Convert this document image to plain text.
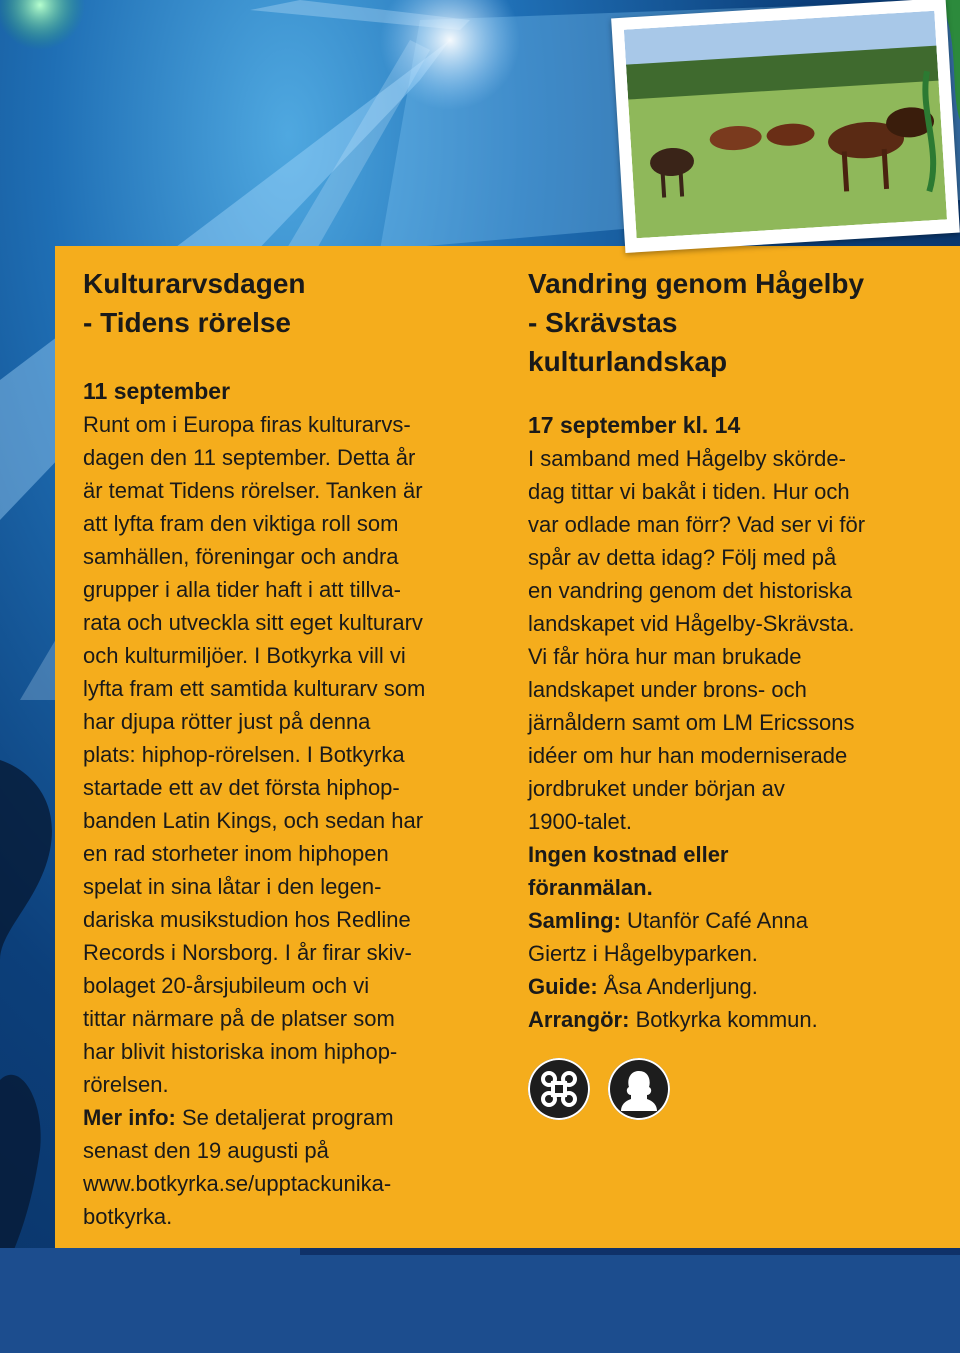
Kulturarvsdagen
- Tidens rörelse

11 september

Runt om i Europa firas kulturarvs-
dagen den 11 september. Detta år
är temat Tidens rörelser. Tanken är
att lyfta fram den viktiga roll som
samhällen, föreningar och andra
grupper i alla tider haft i att tillva-
rata och utveckla sitt eget kulturarv
och kulturmiljöer. I Botkyrka vill vi
lyfta fram ett samtida kulturarv som
har djupa rötter just på denna
plats: hiphop-rörelsen. I Botkyrka
startade ett av det första hiphop-
banden Latin Kings, och sedan har
en rad storheter inom hiphopen
spelat in sina låtar i den legen-
dariska musikstudion hos Redline
Records i Norsborg. I år firar skiv-
bolaget 20-årsjubileum och vi
tittar närmare på de platser som
har blivit historiska inom hiphop-
rörelsen.

Mer info: Se detaljerat program
senast den 19 augusti på
www.botkyrka.se/upptackunika-
botkyrka.

Vandring genom Hågelby
- Skrävstas
kulturlandskap

17 september kl. 14

I samband med Hågelby skörde-
dag tittar vi bakåt i tiden. Hur och
var odlade man förr? Vad ser vi för
spår av detta idag? Följ med på
en vandring genom det historiska
landskapet vid Hågelby-Skrävsta.
Vi får höra hur man brukade
landskapet under brons- och
järnåldern samt om LM Ericssons
idéer om hur han moderniserade
jordbruket under början av
1900-talet.

Ingen kostnad eller
föranmälan.

Samling: Utanför Café Anna
Giertz i Hågelbyparken.

Guide: Åsa Anderljung.

Arrangör: Botkyrka kommun.
